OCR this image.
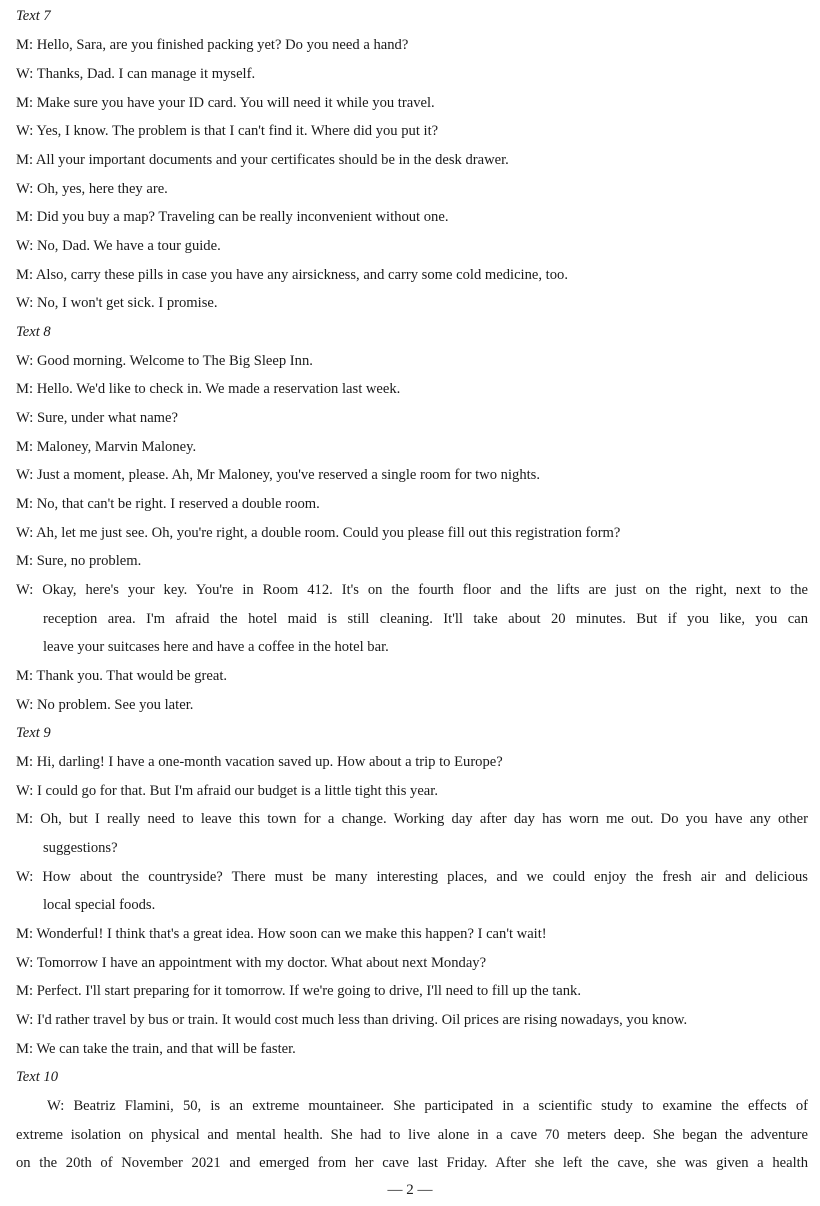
Text 7
M: Hello, Sara, are you finished packing yet? Do you need a hand?
W: Thanks, Dad. I can manage it myself.
M: Make sure you have your ID card. You will need it while you travel.
W: Yes, I know. The problem is that I can't find it. Where did you put it?
M: All your important documents and your certificates should be in the desk drawer.
W: Oh, yes, here they are.
M: Did you buy a map? Traveling can be really inconvenient without one.
W: No, Dad. We have a tour guide.
M: Also, carry these pills in case you have any airsickness, and carry some cold medicine, too.
W: No, I won't get sick. I promise.
Text 8
W: Good morning. Welcome to The Big Sleep Inn.
M: Hello. We'd like to check in. We made a reservation last week.
W: Sure, under what name?
M: Maloney, Marvin Maloney.
W: Just a moment, please. Ah, Mr Maloney, you've reserved a single room for two nights.
M: No, that can't be right. I reserved a double room.
W: Ah, let me just see. Oh, you're right, a double room. Could you please fill out this registration form?
M: Sure, no problem.
W: Okay, here's your key. You're in Room 412. It's on the fourth floor and the lifts are just on the right, next to the
reception area. I'm afraid the hotel maid is still cleaning. It'll take about 20 minutes. But if you like, you can
leave your suitcases here and have a coffee in the hotel bar.
M: Thank you. That would be great.
W: No problem. See you later.
Text 9
M: Hi, darling! I have a one-month vacation saved up. How about a trip to Europe?
W: I could go for that. But I'm afraid our budget is a little tight this year.
M: Oh, but I really need to leave this town for a change. Working day after day has worn me out. Do you have any other
suggestions?
W: How about the countryside? There must be many interesting places, and we could enjoy the fresh air and delicious
local special foods.
M: Wonderful! I think that's a great idea. How soon can we make this happen? I can't wait!
W: Tomorrow I have an appointment with my doctor. What about next Monday?
M: Perfect. I'll start preparing for it tomorrow. If we're going to drive, I'll need to fill up the tank.
W: I'd rather travel by bus or train. It would cost much less than driving. Oil prices are rising nowadays, you know.
M: We can take the train, and that will be faster.
Text 10
W: Beatriz Flamini, 50, is an extreme mountaineer. She participated in a scientific study to examine the effects of
extreme isolation on physical and mental health. She had to live alone in a cave 70 meters deep. She began the adventure
on the 20th of November 2021 and emerged from her cave last Friday. After she left the cave, she was given a health
— 2 —
